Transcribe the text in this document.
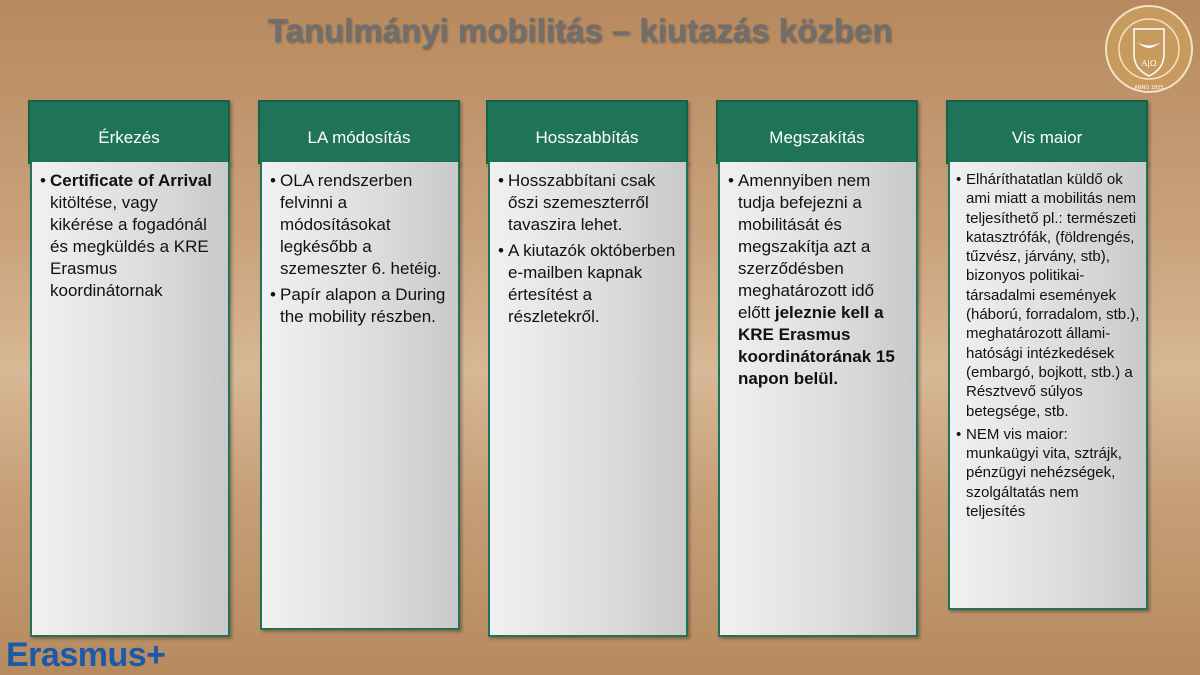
Tanulmányi mobilitás – kiutazás közben
Α|Ω
ANNO 1855
Érkezés
• Certificate of Arrival kitöltése, vagy kikérése a fogadónál és megküldés a KRE Erasmus koordinátornak
LA módosítás
• OLA rendszerben felvinni a módosításokat legkésőbb a szemeszter 6. hetéig.
• Papír alapon a During the mobility részben.
Hosszabbítás
• Hosszabbítani csak őszi szemeszterről tavaszira lehet.
• A kiutazók októberben e-mailben kapnak értesítést a részletekről.
Megszakítás
• Amennyiben nem tudja befejezni a mobilitását és megszakítja azt a szerződésben meghatározott idő előtt jeleznie kell a KRE Erasmus koordinátorának 15 napon belül.
Vis maior
• Elháríthatatlan küldő ok ami miatt a mobilitás nem teljesíthető pl.: természeti katasztrófák, (földrengés, tűzvész, járvány, stb), bizonyos politikai-társadalmi események (háború, forradalom, stb.), meghatározott állami-hatósági intézkedések (embargó, bojkott, stb.) a Résztvevő súlyos betegsége, stb.
• NEM vis maior: munkaügyi vita, sztrájk, pénzügyi nehézségek, szolgáltatás nem teljesítés
Erasmus+
